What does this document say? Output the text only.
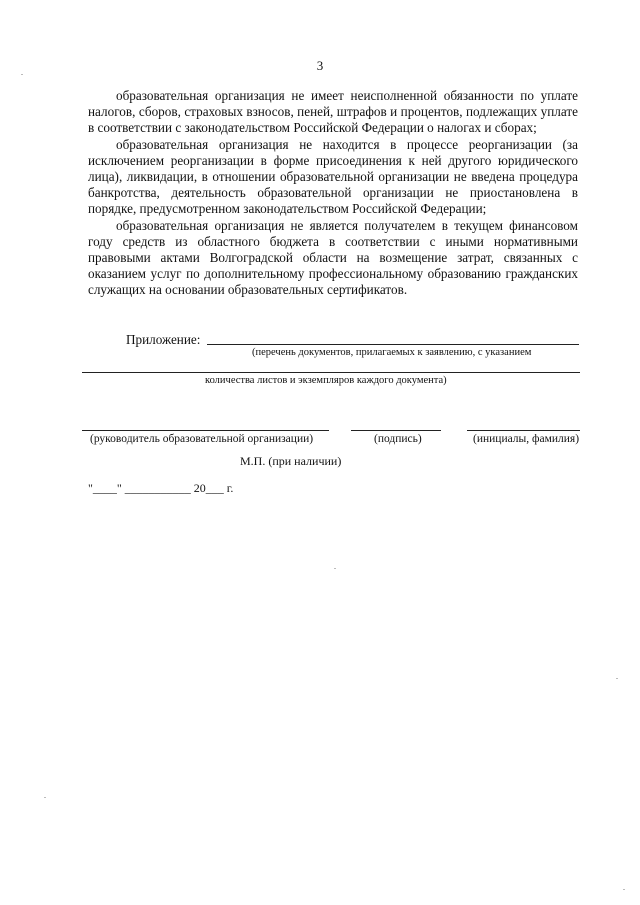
3

образовательная организация не имеет неисполненной обязанности по уплате налогов, сборов, страховых взносов, пеней, штрафов и процентов, подлежащих уплате в соответствии с законодательством Российской Федерации о налогах и сборах;

образовательная организация не находится в процессе реорганизации (за исключением реорганизации в форме присоединения к ней другого юридического лица), ликвидации, в отношении образовательной организации не введена процедура банкротства, деятельность образовательной организации не приостановлена в порядке, предусмотренном законодательством Российской Федерации;

образовательная организация не является получателем в текущем финансовом году средств из областного бюджета в соответствии с иными нормативными правовыми актами Волгоградской области на возмещение затрат, связанных с оказанием услуг по дополнительному профессиональному образованию гражданских служащих на основании образовательных сертификатов.

Приложение:
(перечень документов, прилагаемых к заявлению, с указанием
количества листов и экземпляров каждого документа)
(руководитель образовательной организации)	(подпись)	(инициалы, фамилия)
М.П. (при наличии)
"____" ___________ 20___ г.
